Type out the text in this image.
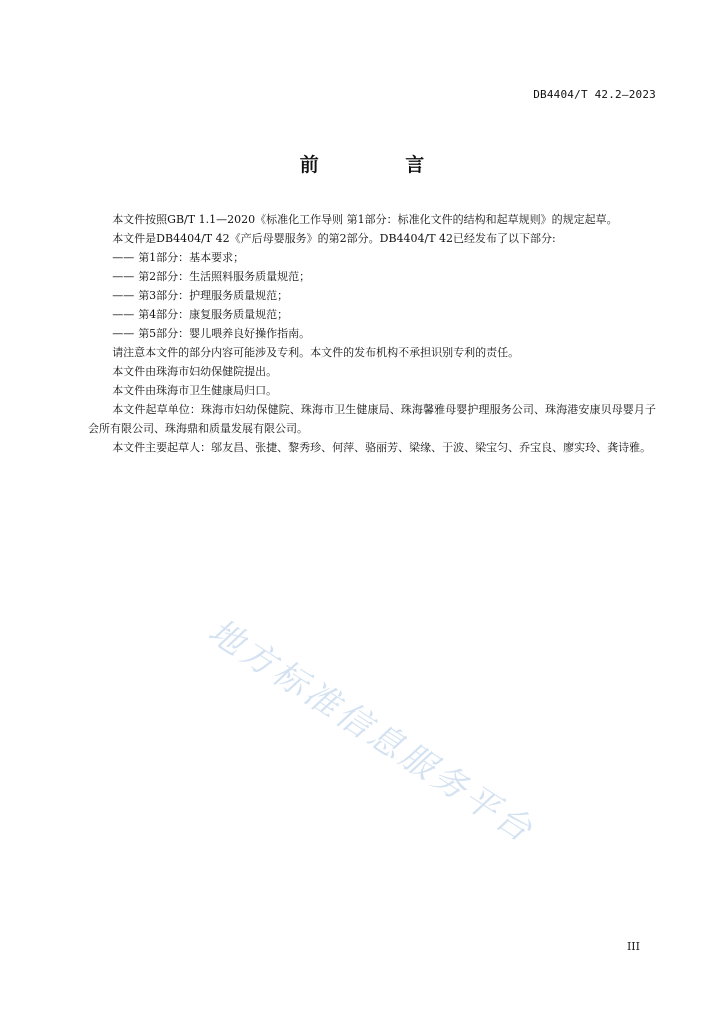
DB4404/T 42.2—2023
前 言

本文件按照GB/T 1.1—2020《标准化工作导则 第1部分：标准化文件的结构和起草规则》的规定起草。

本文件是DB4404/T 42《产后母婴服务》的第2部分。DB4404/T 42已经发布了以下部分:

—— 第1部分：基本要求；

—— 第2部分：生活照料服务质量规范；

—— 第3部分：护理服务质量规范；

—— 第4部分：康复服务质量规范；

—— 第5部分：婴儿喂养良好操作指南。

请注意本文件的部分内容可能涉及专利。本文件的发布机构不承担识别专利的责任。

本文件由珠海市妇幼保健院提出。

本文件由珠海市卫生健康局归口。

本文件起草单位：珠海市妇幼保健院、珠海市卫生健康局、珠海馨雅母婴护理服务公司、珠海港安康贝母婴月子会所有限公司、珠海鼎和质量发展有限公司。

本文件主要起草人：邬友昌、张捷、黎秀珍、何萍、骆丽芳、梁缘、于波、梁宝匀、乔宝良、廖实玲、龚诗雅。

地方标准信息服务平台
III
